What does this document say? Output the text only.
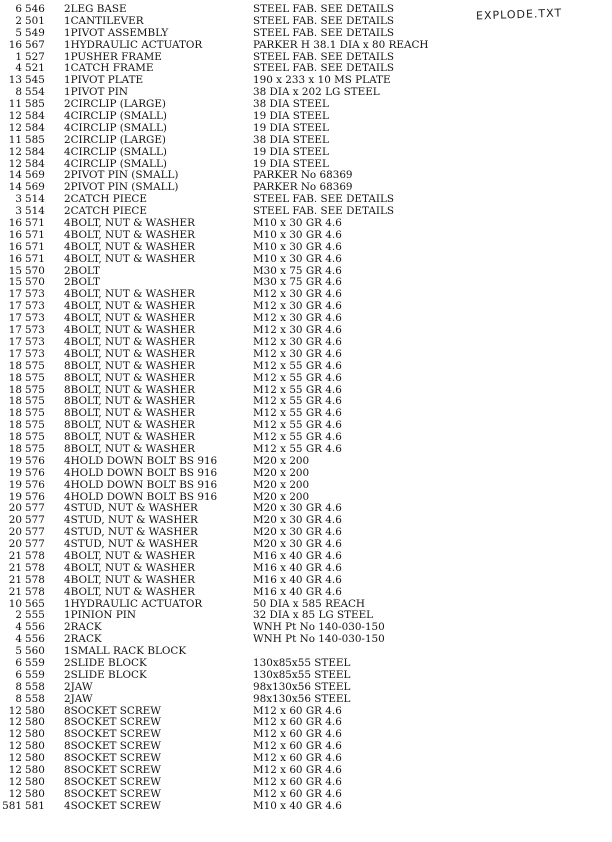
EXPLODE.TXT
6 546	2LEG BASE	STEEL FAB. SEE DETAILS
2 501	1CANTILEVER	STEEL FAB. SEE DETAILS
5 549	1PIVOT ASSEMBLY	STEEL FAB. SEE DETAILS
16 567	1HYDRAULIC ACTUATOR	PARKER H 38.1 DIA x 80 REACH
1 527	1PUSHER FRAME	STEEL FAB. SEE DETAILS
4 521	1CATCH FRAME	STEEL FAB. SEE DETAILS
13 545	1PIVOT PLATE	190 x 233 x 10 MS PLATE
8 554	1PIVOT PIN	38 DIA x 202 LG STEEL
11 585	2CIRCLIP (LARGE)	38 DIA STEEL
12 584	4CIRCLIP (SMALL)	19 DIA STEEL
12 584	4CIRCLIP (SMALL)	19 DIA STEEL
11 585	2CIRCLIP (LARGE)	38 DIA STEEL
12 584	4CIRCLIP (SMALL)	19 DIA STEEL
12 584	4CIRCLIP (SMALL)	19 DIA STEEL
14 569	2PIVOT PIN (SMALL)	PARKER No 68369
14 569	2PIVOT PIN (SMALL)	PARKER No 68369
3 514	2CATCH PIECE	STEEL FAB. SEE DETAILS
3 514	2CATCH PIECE	STEEL FAB. SEE DETAILS
16 571	4BOLT, NUT & WASHER	M10 x 30 GR 4.6
16 571	4BOLT, NUT & WASHER	M10 x 30 GR 4.6
16 571	4BOLT, NUT & WASHER	M10 x 30 GR 4.6
16 571	4BOLT, NUT & WASHER	M10 x 30 GR 4.6
15 570	2BOLT	M30 x 75 GR 4.6
15 570	2BOLT	M30 x 75 GR 4.6
17 573	4BOLT, NUT & WASHER	M12 x 30 GR 4.6
17 573	4BOLT, NUT & WASHER	M12 x 30 GR 4.6
17 573	4BOLT, NUT & WASHER	M12 x 30 GR 4.6
17 573	4BOLT, NUT & WASHER	M12 x 30 GR 4.6
17 573	4BOLT, NUT & WASHER	M12 x 30 GR 4.6
17 573	4BOLT, NUT & WASHER	M12 x 30 GR 4.6
18 575	8BOLT, NUT & WASHER	M12 x 55 GR 4.6
18 575	8BOLT, NUT & WASHER	M12 x 55 GR 4.6
18 575	8BOLT, NUT & WASHER	M12 x 55 GR 4.6
18 575	8BOLT, NUT & WASHER	M12 x 55 GR 4.6
18 575	8BOLT, NUT & WASHER	M12 x 55 GR 4.6
18 575	8BOLT, NUT & WASHER	M12 x 55 GR 4.6
18 575	8BOLT, NUT & WASHER	M12 x 55 GR 4.6
18 575	8BOLT, NUT & WASHER	M12 x 55 GR 4.6
19 576	4HOLD DOWN BOLT BS 916	M20 x 200
19 576	4HOLD DOWN BOLT BS 916	M20 x 200
19 576	4HOLD DOWN BOLT BS 916	M20 x 200
19 576	4HOLD DOWN BOLT BS 916	M20 x 200
20 577	4STUD, NUT & WASHER	M20 x 30 GR 4.6
20 577	4STUD, NUT & WASHER	M20 x 30 GR 4.6
20 577	4STUD, NUT & WASHER	M20 x 30 GR 4.6
20 577	4STUD, NUT & WASHER	M20 x 30 GR 4.6
21 578	4BOLT, NUT & WASHER	M16 x 40 GR 4.6
21 578	4BOLT, NUT & WASHER	M16 x 40 GR 4.6
21 578	4BOLT, NUT & WASHER	M16 x 40 GR 4.6
21 578	4BOLT, NUT & WASHER	M16 x 40 GR 4.6
10 565	1HYDRAULIC ACTUATOR	50 DIA x 585 REACH
2 555	1PINION PIN	32 DIA x 85 LG STEEL
4 556	2RACK	WNH Pt No 140-030-150
4 556	2RACK	WNH Pt No 140-030-150
5 560	1SMALL RACK BLOCK
6 559	2SLIDE BLOCK	130x85x55 STEEL
6 559	2SLIDE BLOCK	130x85x55 STEEL
8 558	2JAW	98x130x56 STEEL
8 558	2JAW	98x130x56 STEEL
12 580	8SOCKET SCREW	M12 x 60 GR 4.6
12 580	8SOCKET SCREW	M12 x 60 GR 4.6
12 580	8SOCKET SCREW	M12 x 60 GR 4.6
12 580	8SOCKET SCREW	M12 x 60 GR 4.6
12 580	8SOCKET SCREW	M12 x 60 GR 4.6
12 580	8SOCKET SCREW	M12 x 60 GR 4.6
12 580	8SOCKET SCREW	M12 x 60 GR 4.6
12 580	8SOCKET SCREW	M12 x 60 GR 4.6
581 581	4SOCKET SCREW	M10 x 40 GR 4.6
